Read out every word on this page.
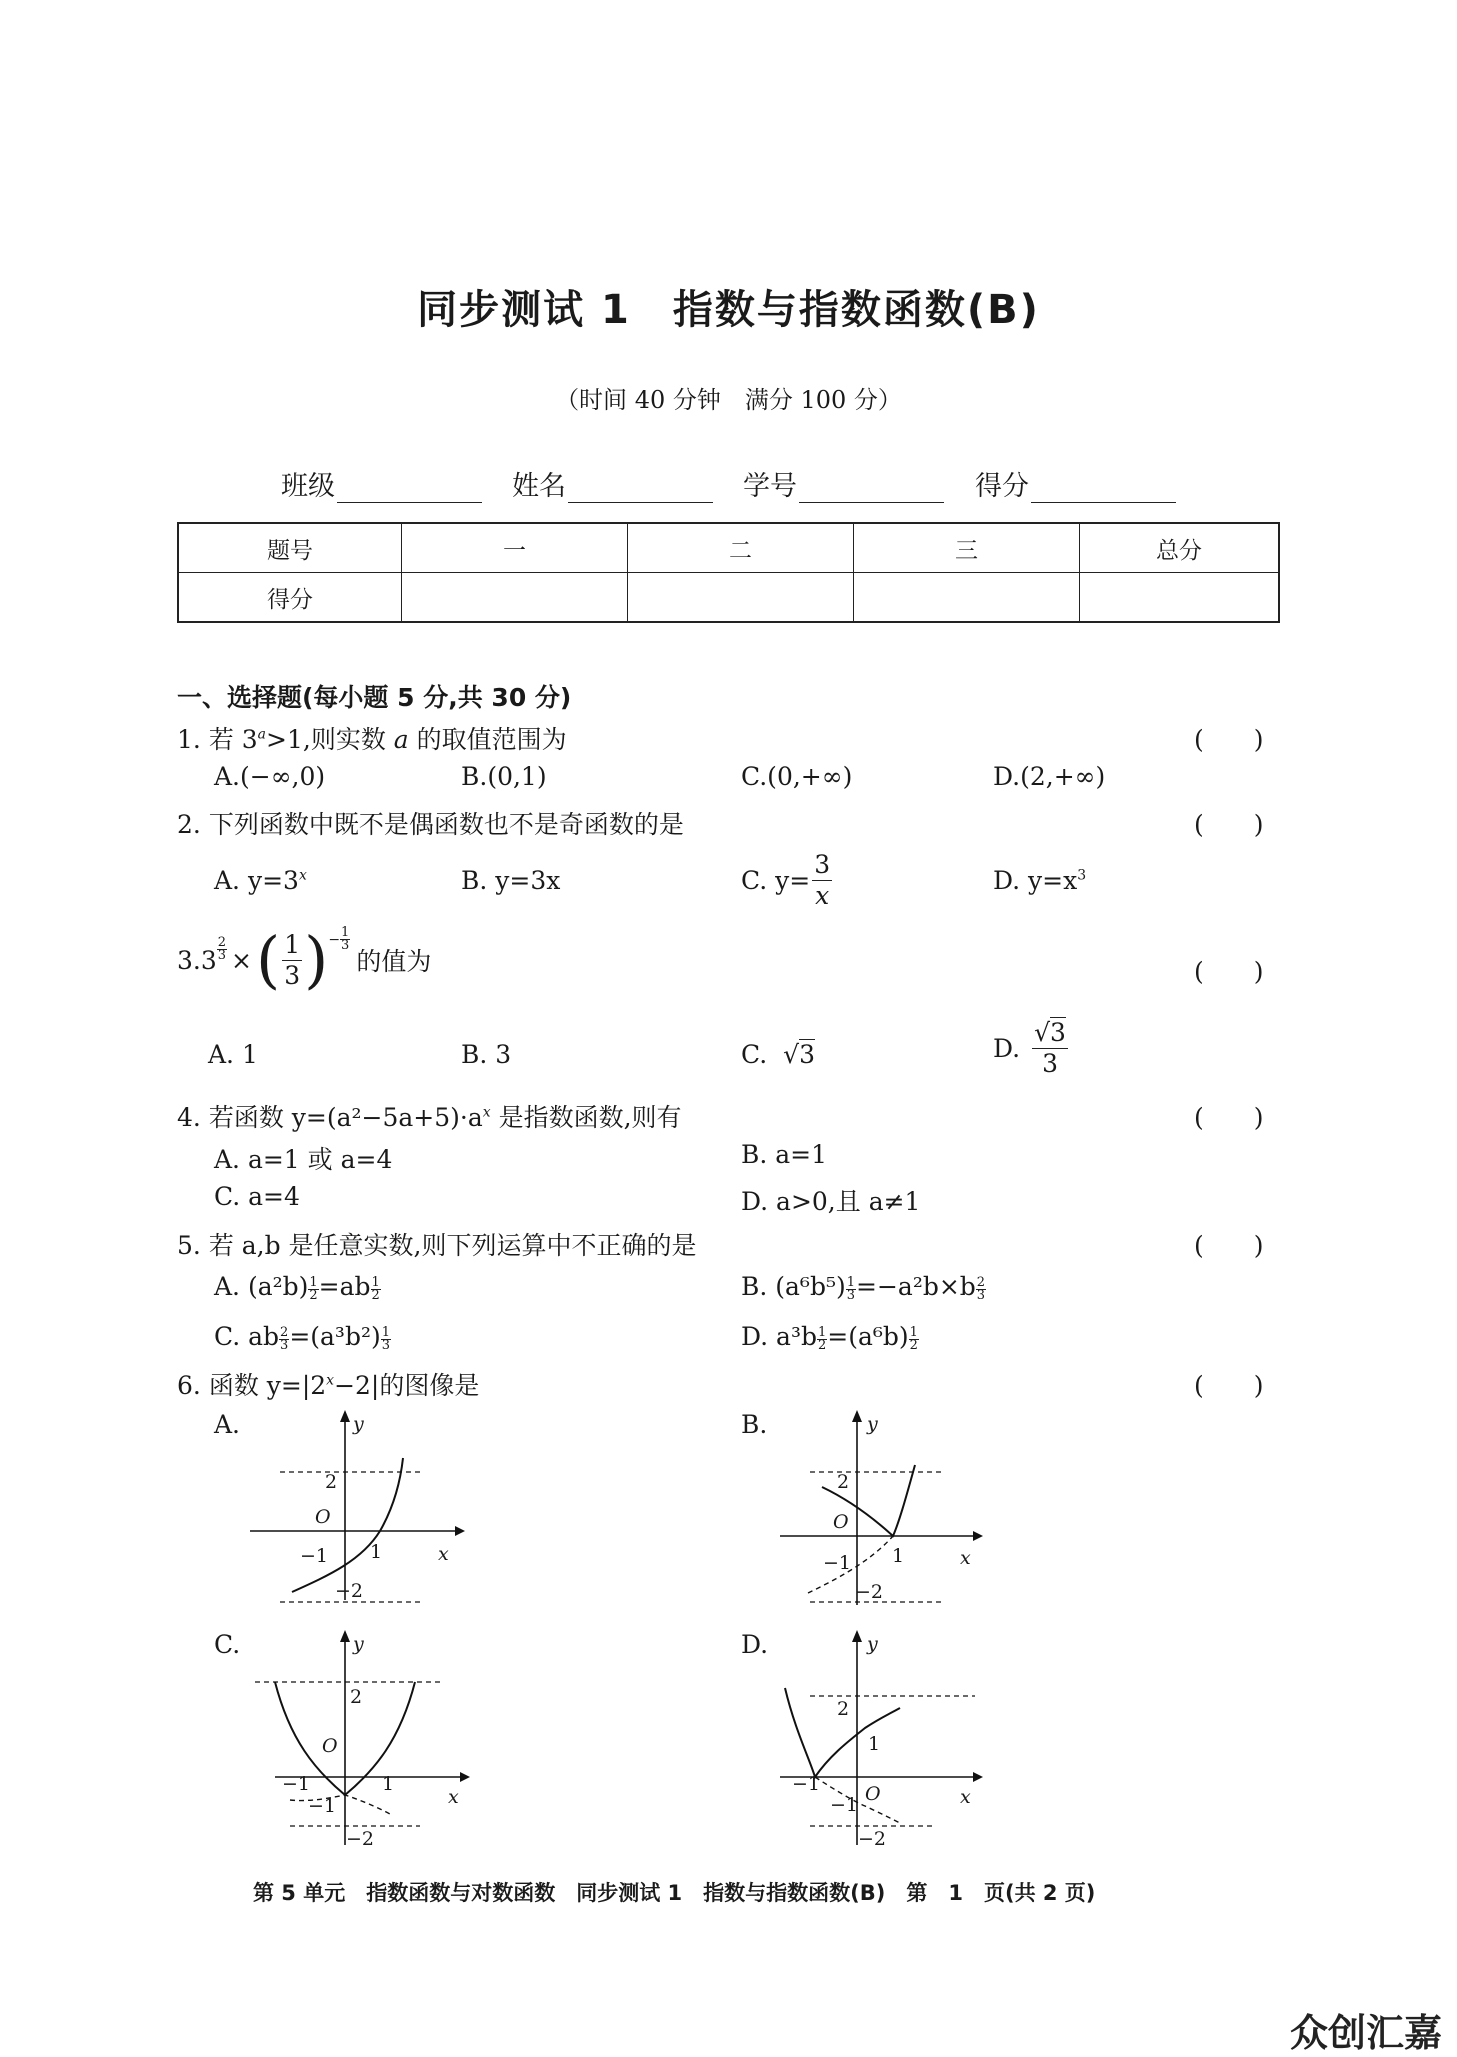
同步测试 1　指数与指数函数(B)
（时间 40 分钟　满分 100 分）
班级	姓名	学号	得分
题号	一	二	三	总分
得分				
一、选择题(每小题 5 分,共 30 分)
1. 若 $3^a>1$,则实数 a 的取值范围为	(　　)
A.(−∞,0)	B.(0,1)	C.(0,+∞)	D.(2,+∞)
2. 下列函数中既不是偶函数也不是奇函数的是	(　　)
A. $y=3^x$	B. y=3x	C. $y= \frac{3}{x}$	D. $y=x^3$
3. $3 \frac{2}{3}$ × ( $\frac{1}{3}$ ) − $\frac{1}{3}$
的值为	(　　)
A. 1	B. 3	C. √3	D. $\frac{√3}{3}$
4. 若函数 $y=(a^2-5a+5)\cdot a^x$ 是指数函数,则有	(　　)
A. a=1 或 a=4	B. a=1
C. a=4	D. a>0,且 a≠1
5. 若 a,b 是任意实数,则下列运算中不正确的是	(　　)
A. $(a^2b) \frac{1}{2} =ab \frac{1}{2}$	B. $(a^6b^5) \frac{1}{3} =-a^2b\times b \frac{2}{3}$
C. ab $\frac{2}{3} =(a^3b^2) \frac{1}{3}$	D. $a^3b \frac{1}{2} =(a^6b) \frac{1}{2}$
6. 函数 $y=|2^x-2|$的图像是	(　　)
A.	y
x
O
2
−1 1
−2
B.	y
x
O
2
−1 1
−2
C.	y
x
O
2
−1	1
−1
−2
D.	y
x
O
2
1
−1
−1
−2
第 5 单元　指数函数与对数函数　同步测试 1　指数与指数函数(B)　第　1　页(共 2 页)
众创汇嘉
